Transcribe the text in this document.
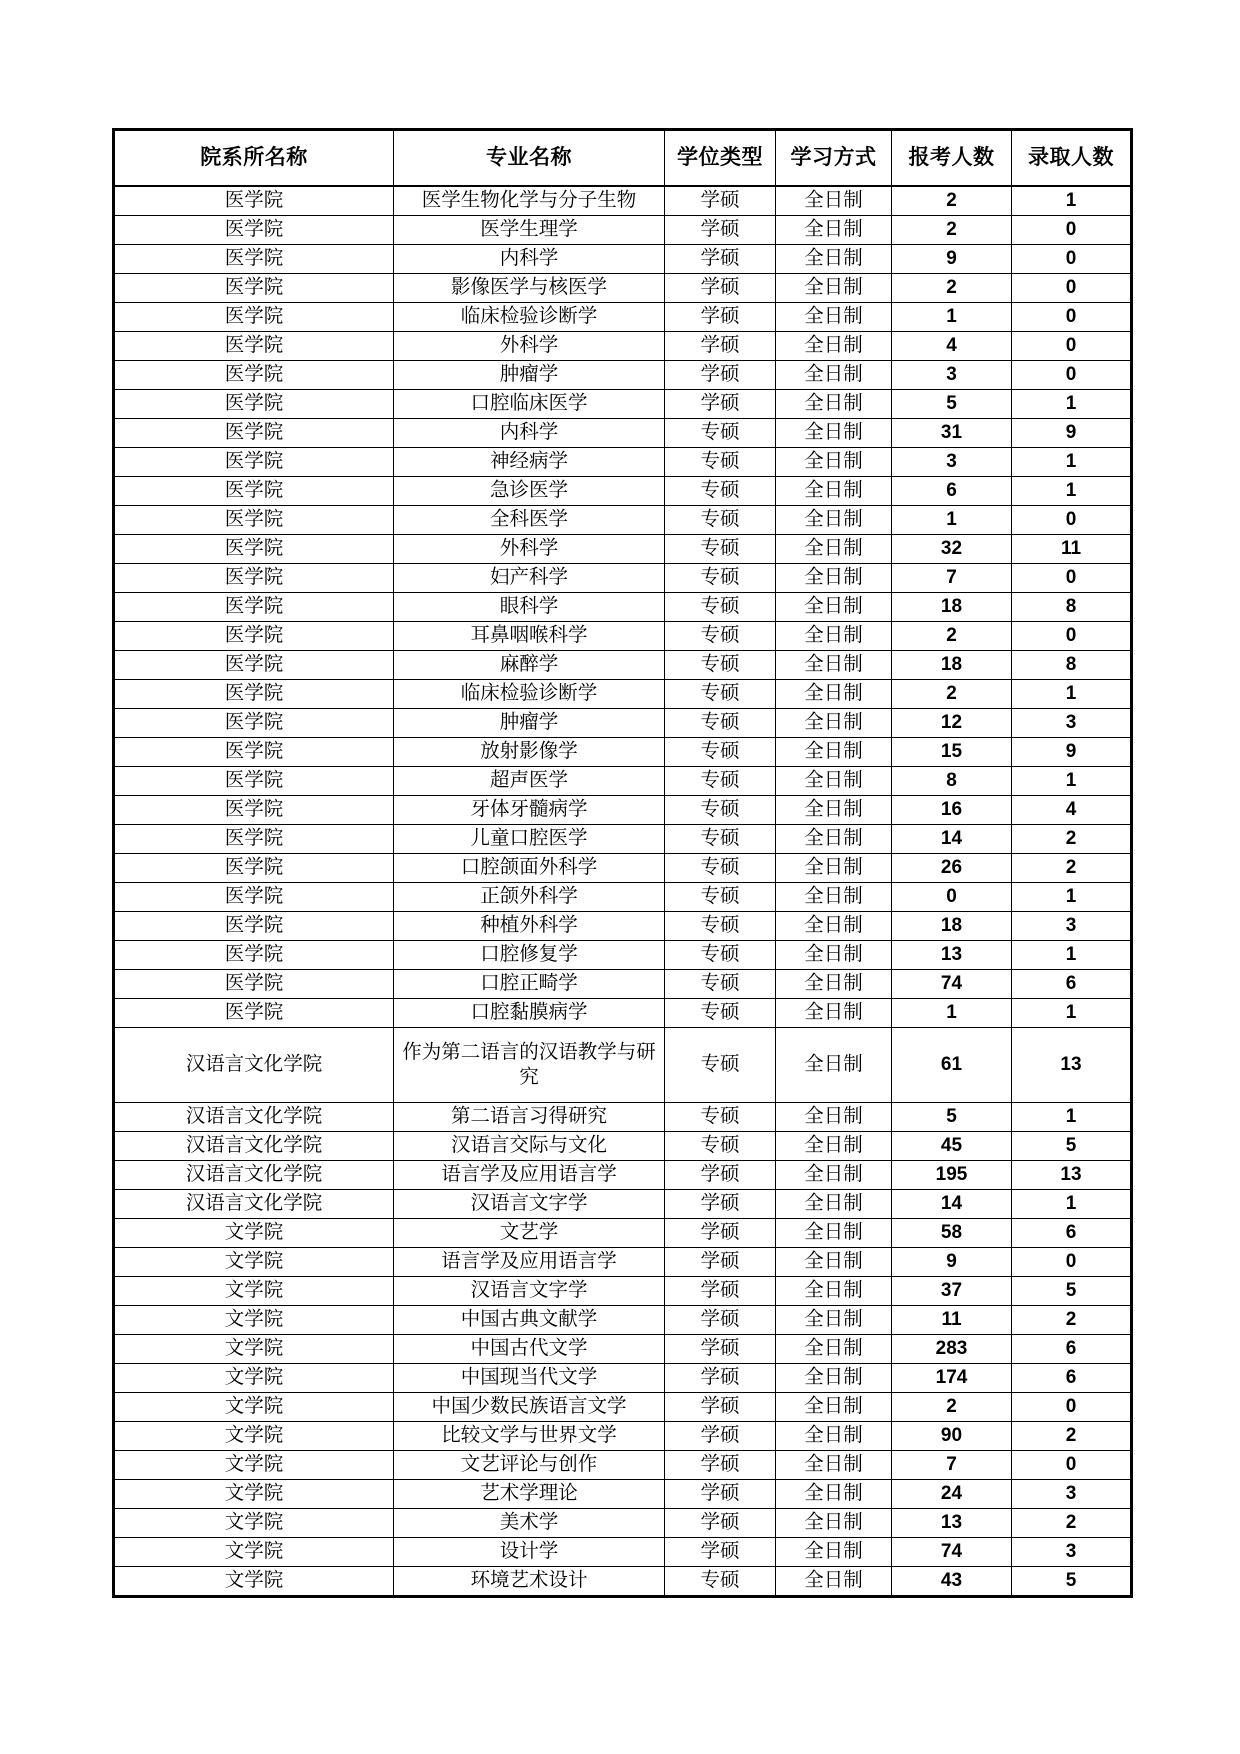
院系所名称	专业名称	学位类型	学习方式	报考人数	录取人数
医学院	医学生物化学与分子生物	学硕	全日制	2	1
医学院	医学生理学	学硕	全日制	2	0
医学院	内科学	学硕	全日制	9	0
医学院	影像医学与核医学	学硕	全日制	2	0
医学院	临床检验诊断学	学硕	全日制	1	0
医学院	外科学	学硕	全日制	4	0
医学院	肿瘤学	学硕	全日制	3	0
医学院	口腔临床医学	学硕	全日制	5	1
医学院	内科学	专硕	全日制	31	9
医学院	神经病学	专硕	全日制	3	1
医学院	急诊医学	专硕	全日制	6	1
医学院	全科医学	专硕	全日制	1	0
医学院	外科学	专硕	全日制	32	11
医学院	妇产科学	专硕	全日制	7	0
医学院	眼科学	专硕	全日制	18	8
医学院	耳鼻咽喉科学	专硕	全日制	2	0
医学院	麻醉学	专硕	全日制	18	8
医学院	临床检验诊断学	专硕	全日制	2	1
医学院	肿瘤学	专硕	全日制	12	3
医学院	放射影像学	专硕	全日制	15	9
医学院	超声医学	专硕	全日制	8	1
医学院	牙体牙髓病学	专硕	全日制	16	4
医学院	儿童口腔医学	专硕	全日制	14	2
医学院	口腔颌面外科学	专硕	全日制	26	2
医学院	正颌外科学	专硕	全日制	0	1
医学院	种植外科学	专硕	全日制	18	3
医学院	口腔修复学	专硕	全日制	13	1
医学院	口腔正畸学	专硕	全日制	74	6
医学院	口腔黏膜病学	专硕	全日制	1	1
汉语言文化学院	作为第二语言的汉语教学与研究	专硕	全日制	61	13
汉语言文化学院	第二语言习得研究	专硕	全日制	5	1
汉语言文化学院	汉语言交际与文化	专硕	全日制	45	5
汉语言文化学院	语言学及应用语言学	学硕	全日制	195	13
汉语言文化学院	汉语言文字学	学硕	全日制	14	1
文学院	文艺学	学硕	全日制	58	6
文学院	语言学及应用语言学	学硕	全日制	9	0
文学院	汉语言文字学	学硕	全日制	37	5
文学院	中国古典文献学	学硕	全日制	11	2
文学院	中国古代文学	学硕	全日制	283	6
文学院	中国现当代文学	学硕	全日制	174	6
文学院	中国少数民族语言文学	学硕	全日制	2	0
文学院	比较文学与世界文学	学硕	全日制	90	2
文学院	文艺评论与创作	学硕	全日制	7	0
文学院	艺术学理论	学硕	全日制	24	3
文学院	美术学	学硕	全日制	13	2
文学院	设计学	学硕	全日制	74	3
文学院	环境艺术设计	专硕	全日制	43	5
